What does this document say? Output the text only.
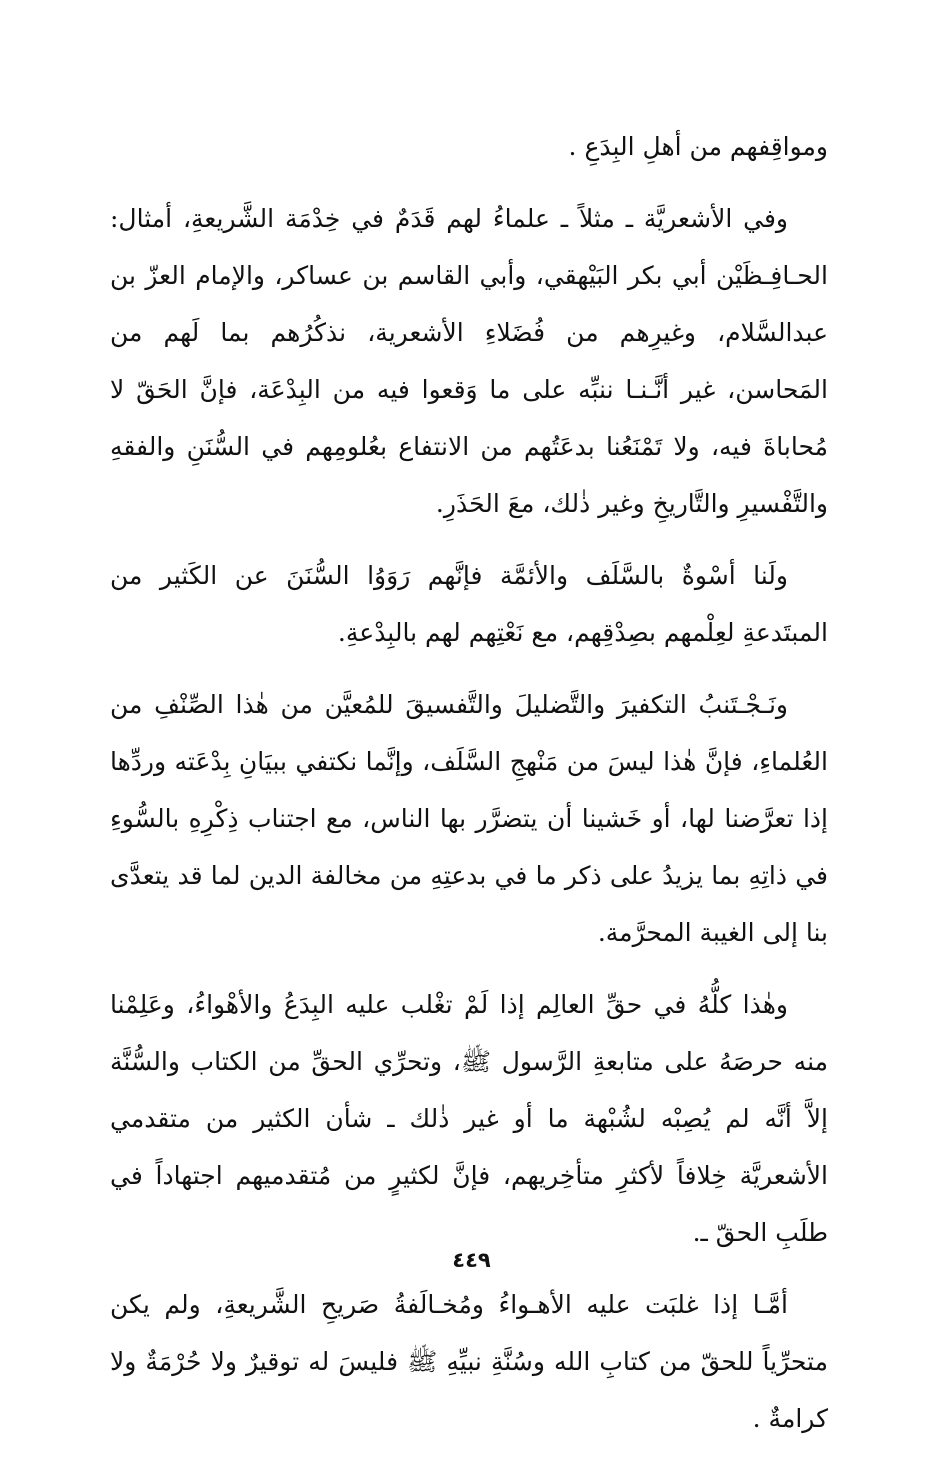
ومواقِفهم من أهلِ البِدَعِ .

وفي الأشعريَّة ـ مثلاً ـ علماءُ لهم قَدَمٌ في خِدْمَة الشَّريعةِ، أمثال: الحـافِـظَيْن أبي بكر البَيْهقي، وأبي القاسم بن عساكر، والإمام العزّ بن عبدالسَّلام، وغيرِهم من فُضَلاءِ الأشعرية، نذكُرُهم بما لَهم من المَحاسن، غير أنَّـنـا ننبِّه على ما وَقعوا فيه من البِدْعَة، فإنَّ الحَقّ لا مُحاباةَ فيه، ولا تَمْنَعُنا بدعَتُهم من الانتفاع بعُلومِهم في السُّنَنِ والفقهِ والتَّفْسيرِ والتَّاريخِ وغير ذٰلك، معَ الحَذَرِ.

ولَنا أسْوةٌ بالسَّلَف والأئمَّة فإنَّهم رَوَوُا السُّنَنَ عن الكَثير من المبتَدعةِ لعِلْمهم بصِدْقِهم، مع نَعْتِهم لهم بالبِدْعةِ.

ونَـجْـتَنبُ التكفيرَ والتَّضليلَ والتَّفسيقَ للمُعيَّن من هٰذا الصِّنْفِ من العُلماءِ، فإنَّ هٰذا ليسَ من مَنْهجِ السَّلَف، وإنَّما نكتفي ببيَانِ بِدْعَته وردِّها إذا تعرَّضنا لها، أو خَشينا أن يتضرَّر بها الناس، مع اجتناب ذِكْرِهِ بالسُّوءِ في ذاتِهِ بما يزيدُ على ذكر ما في بدعتِهِ من مخالفة الدين لما قد يتعدَّى بنا إلى الغيبة المحرَّمة.

وهٰذا كلُّهُ في حقِّ العالِم إذا لَمْ تغْلب عليه البِدَعُ والأهْواءُ، وعَلِمْنا منه حرصَهُ على متابعةِ الرَّسول ﷺ، وتحرِّي الحقِّ من الكتاب والسُّنَّة إلاَّ أنَّه لم يُصِبْه لشُبْهة ما أو غير ذٰلك ـ شأن الكثير من متقدمي الأشعريَّة خِلافاً لأكثرِ متأخِريهم، فإنَّ لكثيرٍ من مُتقدميهم اجتهاداً في طلَبِ الحقّ ـ.

أمَّـا إذا غلبَت عليه الأهـواءُ ومُخـالَفةُ صَريحِ الشَّريعةِ، ولم يكن متحرِّياً للحقّ من كتابِ الله وسُنَّةِ نبيِّهِ ﷺ فليسَ له توقيرٌ ولا حُرْمَةٌ ولا كرامةٌ .

٤٤٩
